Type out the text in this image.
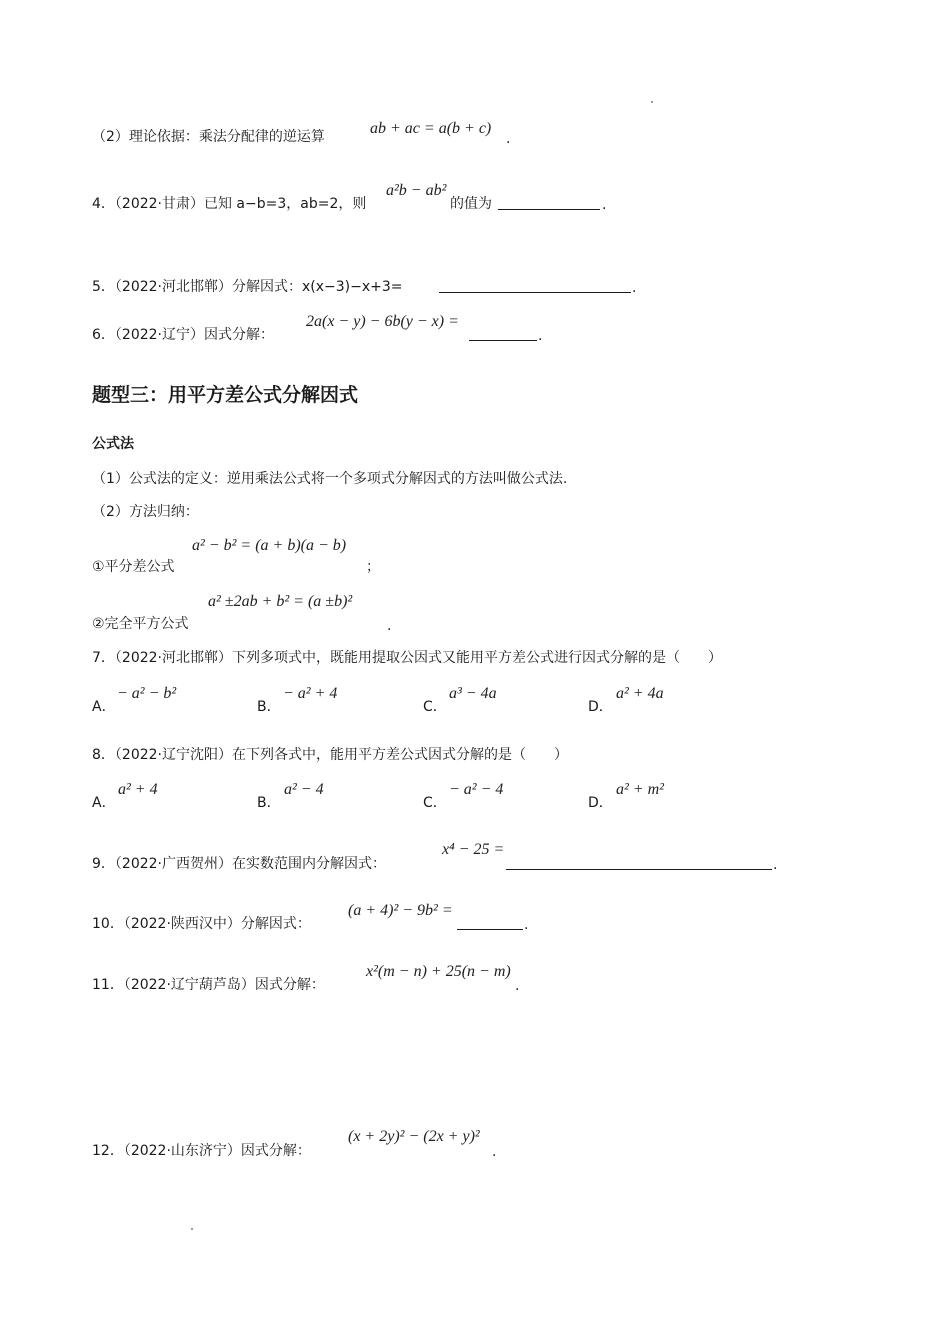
（2）理论依据：乘法分配律的逆运算	ab + ac = a(b + c)
.
4．（2022·甘肃）已知 a−b=3，ab=2，则
a²b − ab²
的值为	.
5．（2022·河北邯郸）分解因式：x(x−3)−x+3=	.
6．（2022·辽宁）因式分解：
2a(x − y) − 6b(y − x) =
.
题型三：用平方差公式分解因式
公式法
（1）公式法的定义：逆用乘法公式将一个多项式分解因式的方法叫做公式法.
（2）方法归纳：
a² − b² = (a + b)(a − b)
①平分差公式	；
a² ±2ab + b² = (a ±b)²
②完全平方公式	.
7．（2022·河北邯郸）下列多项式中，既能用提取公因式又能用平方差公式进行因式分解的是（　　）
A．
− a² − b²
B．
− a² + 4
C．
a³ − 4a
D．
a² + 4a
8．（2022·辽宁沈阳）在下列各式中，能用平方差公式因式分解的是（　　）
A．
a² + 4
B．
a² − 4
C．
− a² − 4
D．
a² + m²
9．（2022·广西贺州）在实数范围内分解因式：
x⁴ − 25 =
.
10．（2022·陕西汉中）分解因式：
(a + 4)² − 9b² =
.
11．（2022·辽宁葫芦岛）因式分解：
x²(m − n) + 25(n − m)
.
12．（2022·山东济宁）因式分解：
(x + 2y)² − (2x + y)²
.
